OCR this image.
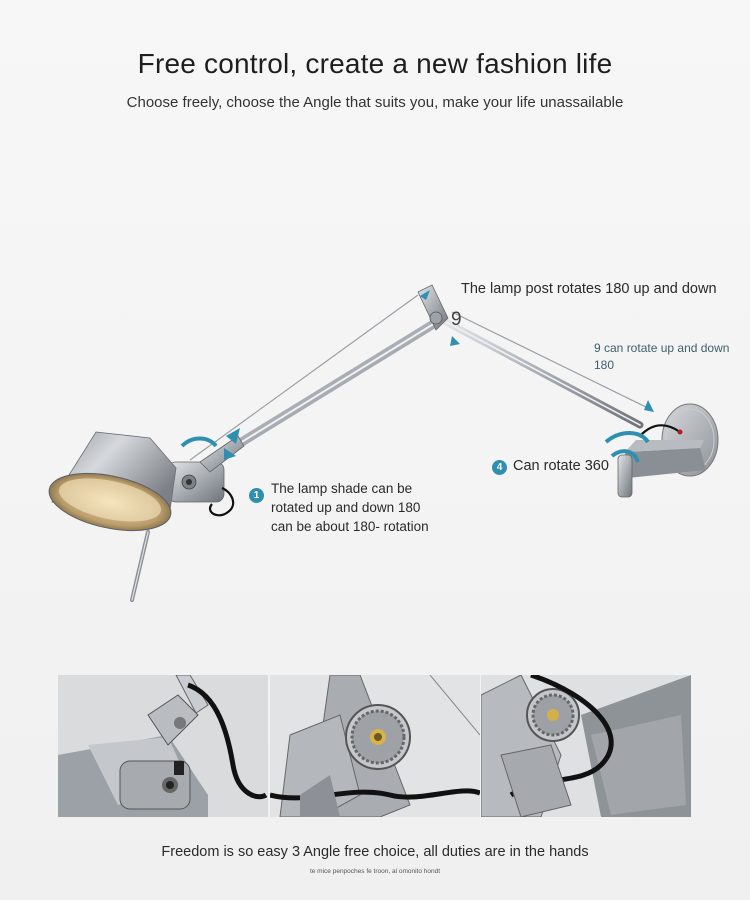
Free control, create a new fashion life
Choose freely, choose the Angle that suits you, make your life unassailable
The lamp post rotates 180 up and down
9
9 can rotate up and down
180
4 Can rotate 360
1 The lamp shade can be
rotated up and down 180
can be about 180- rotation
Freedom is so easy 3 Angle free choice, all duties are in the hands
te mice penpoches fe troon, al omonito hondt
